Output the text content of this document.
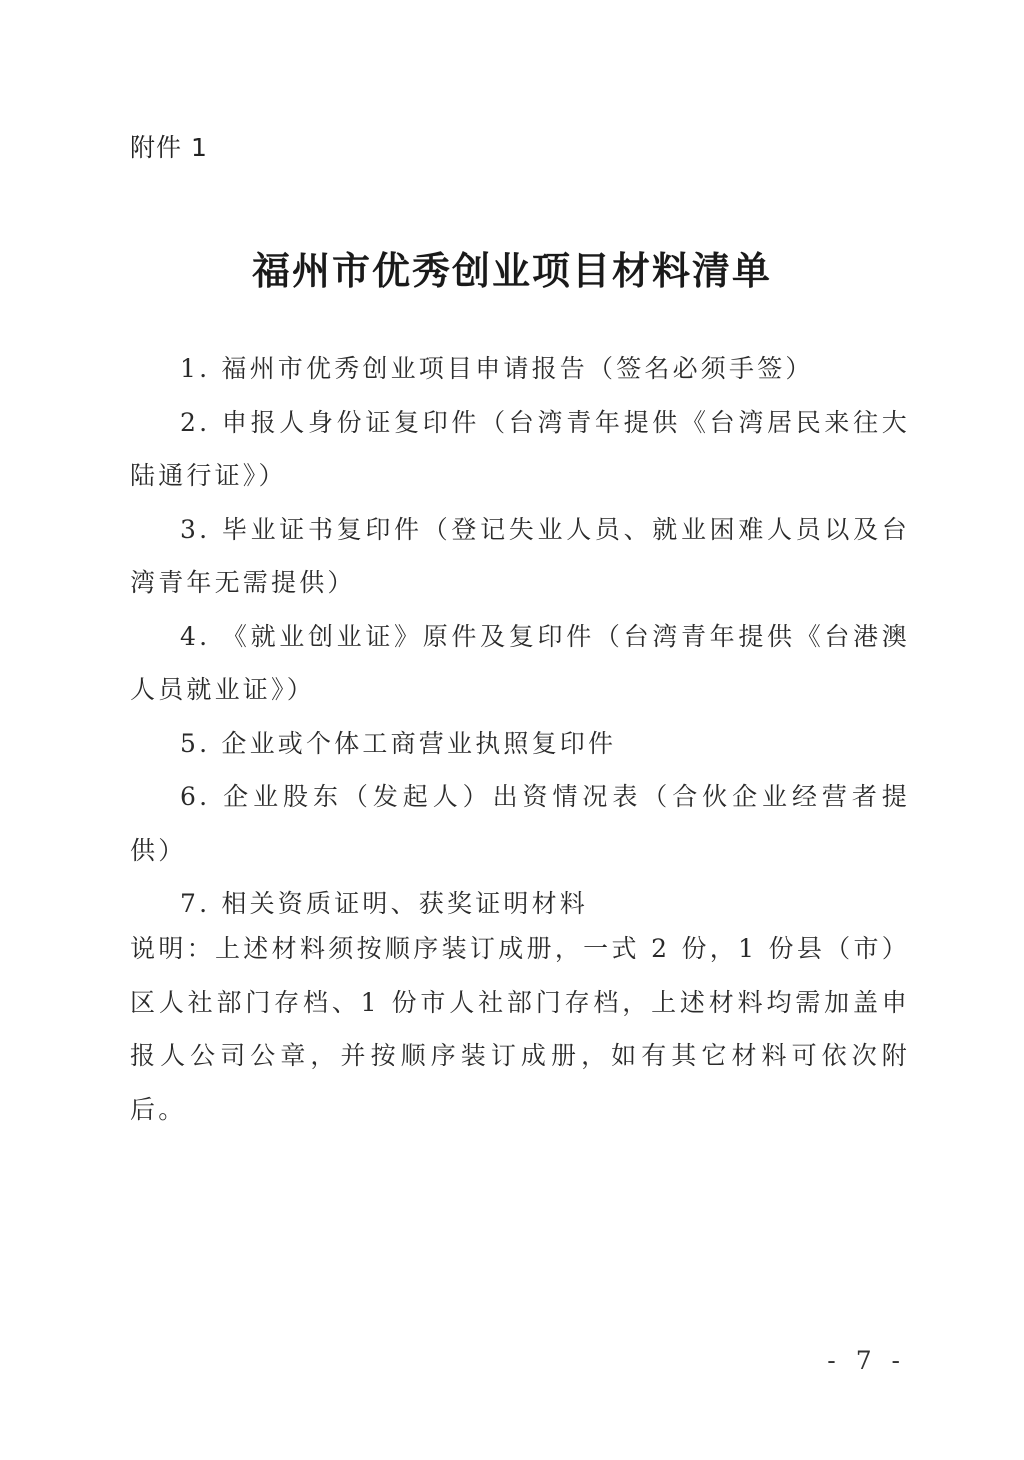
附件 1
福州市优秀创业项目材料清单

1. 福州市优秀创业项目申请报告（签名必须手签）

2. 申报人身份证复印件（台湾青年提供《台湾居民来往大陆通行证》）

3. 毕业证书复印件（登记失业人员、就业困难人员以及台湾青年无需提供）

4. 《就业创业证》原件及复印件（台湾青年提供《台港澳人员就业证》）

5. 企业或个体工商营业执照复印件

6. 企业股东（发起人）出资情况表（合伙企业经营者提供）

7. 相关资质证明、获奖证明材料

说明：上述材料须按顺序装订成册，一式 2 份，1 份县（市）区人社部门存档、1 份市人社部门存档，上述材料均需加盖申报人公司公章，并按顺序装订成册，如有其它材料可依次附后。

- 7 -
